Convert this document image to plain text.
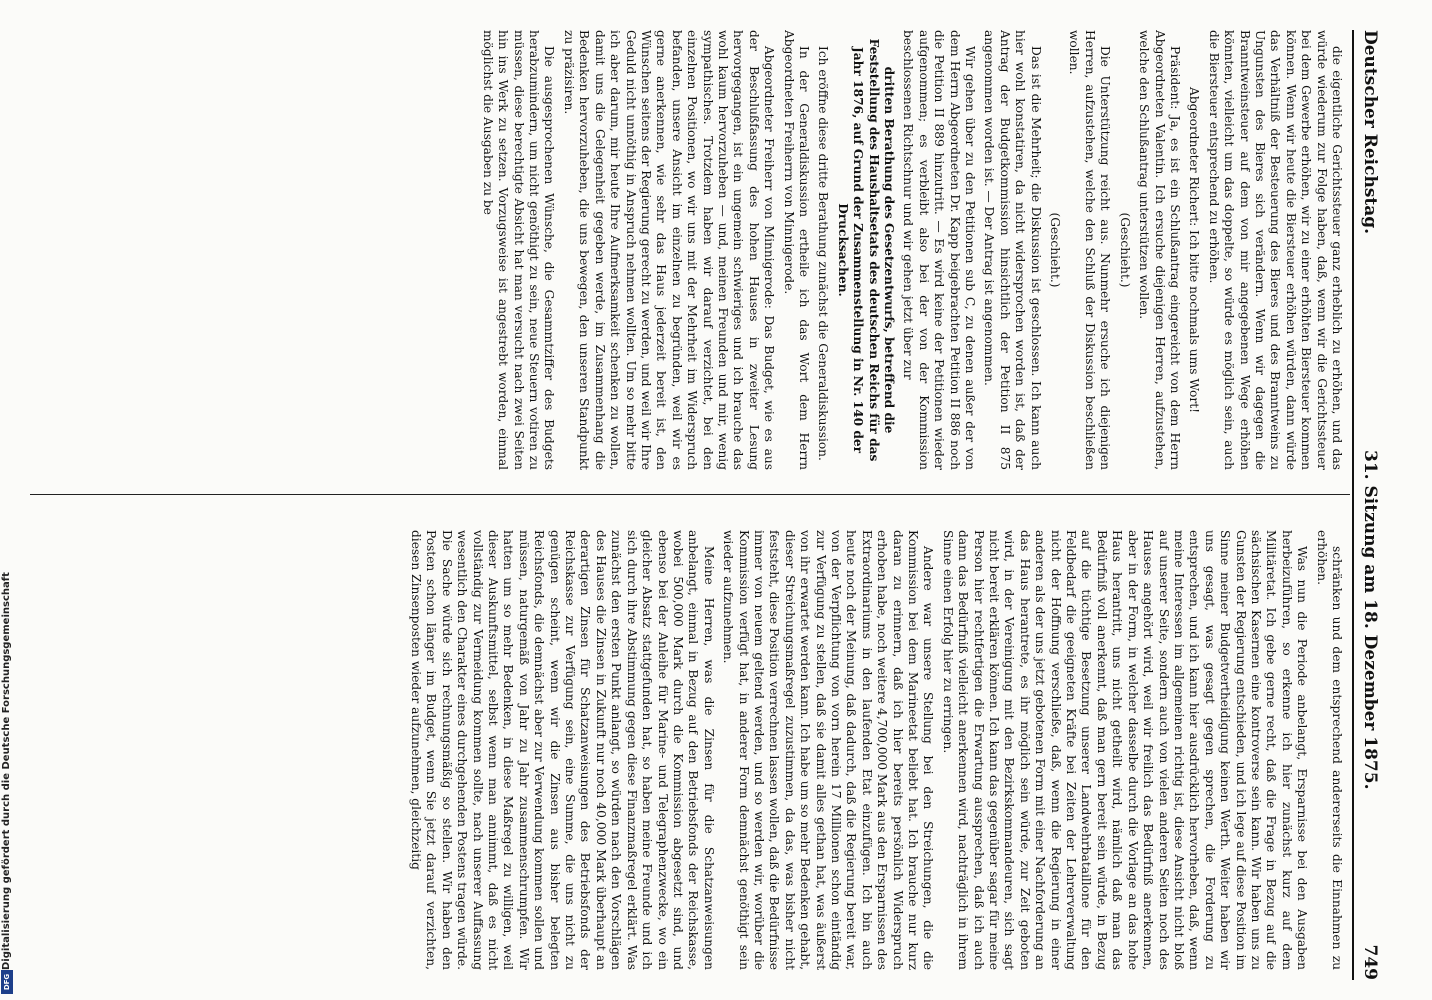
Digitalisierung gefördert durch die Deutsche Forschungsgemeinschaft
DFG
Deutscher Reichstag.
31. Sitzung am 18. Dezember 1875.
749

die eigentliche Gerichtssteuer ganz erheblich zu erhöhen, und das würde wiederum zur Folge haben, daß, wenn wir die Gerichtssteuer bei dem Gewerbe erhöhen, wir zu einer erhöhten Biersteuer kommen können. Wenn wir heute die Biersteuer erhöhen würden, dann würde das Verhältniß der Besteuerung des Bieres und des Branntweins zu Ungunsten des Bieres sich verändern. Wenn wir dagegen die Branntweinsteuer auf dem von mir angegebenen Wege erhöhen könnten, vielleicht um das doppelte, so würde es möglich sein, auch die Biersteuer entsprechend zu erhöhen.

Abgeordneter Richert: Ich bitte nochmals ums Wort!

Präsident: Ja, es ist ein Schlußantrag eingereicht von dem Herrn Abgeordneten Valentin. Ich ersuche diejenigen Herren, aufzustehen, welche den Schlußantrag unterstützen wollen.

(Geschieht.)

Die Unterstützung reicht aus. Nunmehr ersuche ich diejenigen Herren, aufzustehen, welche den Schluß der Diskussion beschließen wollen.

(Geschieht.)

Das ist die Mehrheit; die Diskussion ist geschlossen. Ich kann auch hier wohl konstatiren, da nicht widersprochen worden ist, daß der Antrag der Budgetkommission hinsichtlich der Petition II 875 angenommen worden ist. — Der Antrag ist angenommen.

Wir gehen über zu den Petitionen sub C, zu denen außer der von dem Herrn Abgeordneten Dr. Kapp beigebrachten Petition II 886 noch die Petition II 889 hinzutritt. — Es wird keine der Petitionen wieder aufgenommen; es verbleibt also bei der von der Kommission beschlossenen Richtschnur und wir gehen jetzt über zur

dritten Berathung des Gesetzentwurfs, betreffend die Feststellung des Haushaltsetats des deutschen Reichs für das Jahr 1876, auf Grund der Zusammenstellung in Nr. 140 der Drucksachen.

Ich eröffne diese dritte Berathung zunächst die Generaldiskussion.

In der Generaldiskussion ertheile ich das Wort dem Herrn Abgeordneten Freiherrn von Minnigerode.

Abgeordneter Freiherr von Minnigerode: Das Budget, wie es aus der Beschlußfassung des hohen Hauses in zweiter Lesung hervorgegangen, ist ein ungemein schwieriges und ich brauche das wohl kaum hervorzuheben — und, meinen Freunden und mir, wenig sympathisches. Trotzdem haben wir darauf verzichtet, bei den einzelnen Positionen, wo wir uns mit der Mehrheit im Widerspruch befanden, unsere Ansicht im einzelnen zu begründen, weil wir es gerne anerkennen, wie sehr das Haus jederzeit bereit ist, den Wünschen seitens der Regierung gerecht zu werden, und weil wir Ihre Geduld nicht unnöthig in Anspruch nehmen wollten. Um so mehr bitte ich aber darum, mir heute Ihre Aufmerksamkeit schenken zu wollen, damit uns die Gelegenheit gegeben werde, im Zusammenhang die Bedenken hervorzuheben, die uns bewegen, den unseren Standpunkt zu präzisiren.

Die ausgesprochenen Wünsche, die Gesammtziffer des Budgets herabzumindern, um nicht genöthigt zu sein, neue Steuern votiren zu müssen, diese berechtigte Absicht hat man versucht nach zwei Seiten hin ins Werk zu setzen. Vorzugsweise ist angestrebt worden, einmal möglichst die Ausgaben zu be

schränken und dem entsprechend andererseits die Einnahmen zu erhöhen.

Was nun die Periode anbelangt, Ersparnisse bei den Ausgaben herbeizuführen, so erkenne ich hier zunächst kurz auf dem Militäretat. Ich gebe gerne recht, daß die Frage in Bezug auf die sächsischen Kasernen eine kontroverse sein kann. Wir haben uns zu Gunsten der Regierung entschieden, und ich lege auf diese Position im Sinne meiner Budgetvertheidigung keinen Werth. Weiter haben wir uns gesagt, was gesagt gegen sprechen, die Forderung zu entsprechen, und ich kann hier ausdrücklich hervorheben, daß, wenn meine Interessen im allgemeinen richtig ist, diese Ansicht nicht bloß auf unserer Seite, sondern auch von vielen anderen Seiten noch des Hauses angehört wird, weil wir freilich das Bedürfniß anerkennen, aber in der Form, in welcher dasselbe durch die Vorlage an das hohe Haus herantritt, uns nicht getheilt wird, nämlich daß man das Bedürfniß voll anerkennt, daß man gern bereit sein würde, in Bezug auf die tüchtige Besetzung unserer Landwehrbataillone für den Feldbedarf die geeigneten Kräfte bei Zeiten der Lehrerverwaltung nicht der Hoffnung verschließe, daß, wenn die Regierung in einer anderen als der uns jetzt gebotenen Form mit einer Nachforderung an das Haus herantrete, es ihr möglich sein würde, zur Zeit geboten wird, in der Vereinigung mit den Bezirkskommandeuren, sich sagt nicht bereit erklären können. Ich kann das gegenüber sagar für meine Person hier rechtfertigen die Erwartung aussprechen, daß ich auch dann das Bedürfniß vielleicht anerkennen wird, nachträglich in ihrem Sinne einen Erfolg hier zu erringen.

Andere war unsere Stellung bei den Streichungen, die die Kommission bei dem Marineetat beliebt hat. Ich brauche nur kurz daran zu erinnern, daß ich hier bereits persönlich Widerspruch erhoben habe, noch weitere 4,700,000 Mark aus den Ersparnissen des Extraordinariums in den laufenden Etat einzufügen. Ich bin auch heute noch der Meinung, daß dadurch, daß die Regierung bereit war, von der Verpflichtung von vorn herein 17 Millionen schon eintändig zur Verfügung zu stellen, daß sie damit alles gethan hat, was äußerst von ihr erwartet werden kann. Ich habe um so mehr Bedenken gehabt, dieser Streichungsmaßregel zuzustimmen, da das, was bisher nicht feststeht, diese Position verrechnen lassen wollen, daß die Bedürfnisse immer von neuem geltend werden, und so werden wir, worüber die Kommission verfügt hat, in anderer Form demnächst genöthigt sein wieder aufzunehmen.

Meine Herren, was die Zinsen für die Schatzanweisungen anbelangt, einmal in Bezug auf den Betriebsfonds der Reichskasse, wobei 500,000 Mark durch die Kommission abgesetzt sind, und ebenso bei der Anleihe für Marine- und Telegraphenzwecke, wo ein gleicher Absatz stattgefunden hat, so haben meine Freunde und ich sich durch ihre Abstimmung gegen diese Finanzmaßregel erklärt. Was zunächst den ersten Punkt anlangt, so würden nach den Vorschlägen des Hauses die Zinsen in Zukunft nur noch 40,000 Mark überhaupt an derartigen Zinsen für Schatzanweisungen des Betriebsfonds der Reichskasse zur Verfügung sein, eine Summe, die uns nicht zu genügen scheint, wenn wir die Zinsen aus bisher belegten Reichsfonds, die demnächst aber zur Verwendung kommen sollen und müssen, naturgemäß von Jahr zu Jahr zusammenschrumpfen. Wir hatten um so mehr Bedenken, in diese Maßregel zu willigen, weil dieser Auskunftsmittel, selbst wenn man annimmt, daß es nicht vollständig zur Vermeidung kommen sollte, nach unserer Auffassung wesentlich den Charakter eines durchgehenden Postens tragen würde. Die Sache würde sich rechnungsmäßig so stellen. Wir haben den Posten schon länger im Budget, wenn Sie jetzt darauf verzichten, diesen Zinsenposten wieder aufzunehmen, gleichzeitig
